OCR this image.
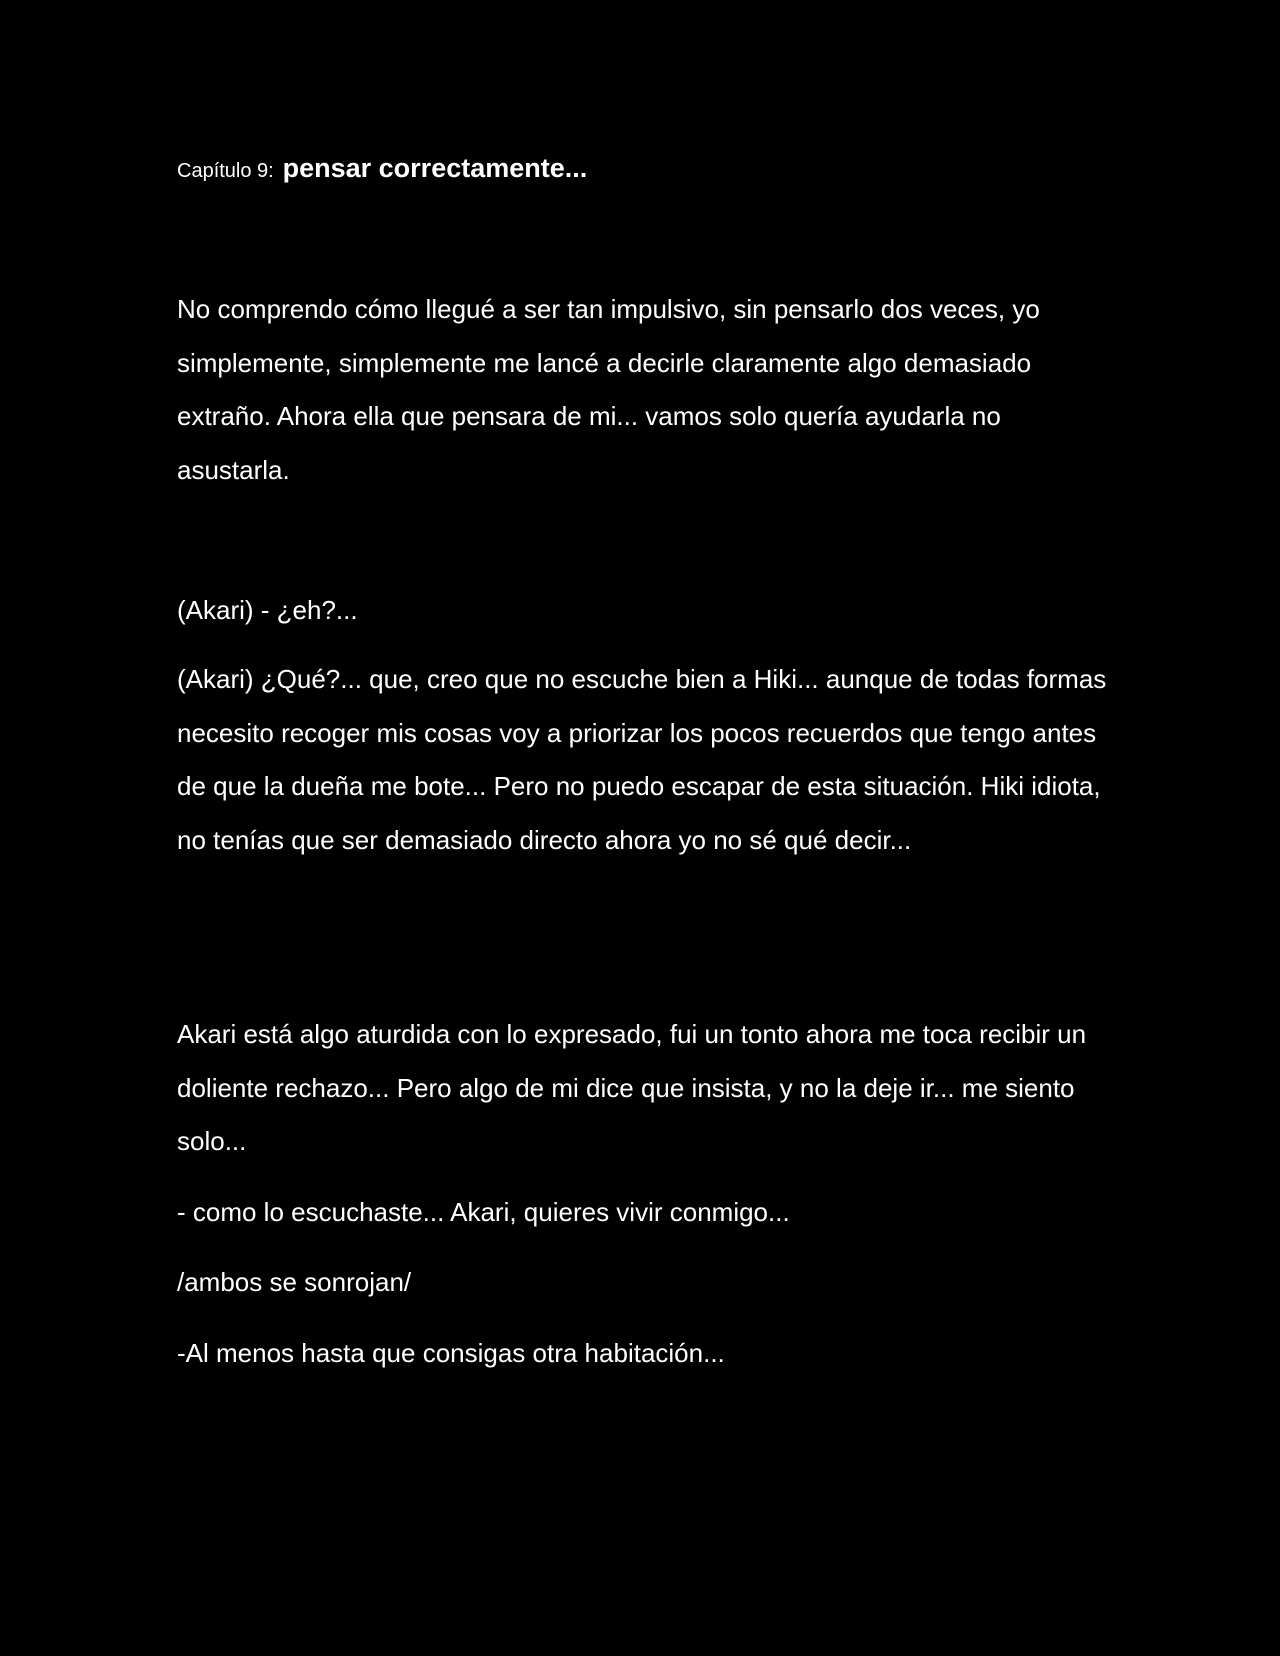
Capítulo 9: pensar correctamente...

No comprendo cómo llegué a ser tan impulsivo, sin pensarlo dos veces, yo simplemente, simplemente me lancé a decirle claramente algo demasiado extraño. Ahora ella que pensara de mi... vamos solo quería ayudarla no asustarla.

(Akari) - ¿eh?...

(Akari) ¿Qué?... que, creo que no escuche bien a Hiki... aunque de todas formas necesito recoger mis cosas voy a priorizar los pocos recuerdos que tengo antes de que la dueña me bote... Pero no puedo escapar de esta situación. Hiki idiota, no tenías que ser demasiado directo ahora yo no sé qué decir...

Akari está algo aturdida con lo expresado, fui un tonto ahora me toca recibir un doliente rechazo... Pero algo de mi dice que insista, y no la deje ir... me siento solo...

- como lo escuchaste... Akari, quieres vivir conmigo...

/ambos se sonrojan/

-Al menos hasta que consigas otra habitación...
